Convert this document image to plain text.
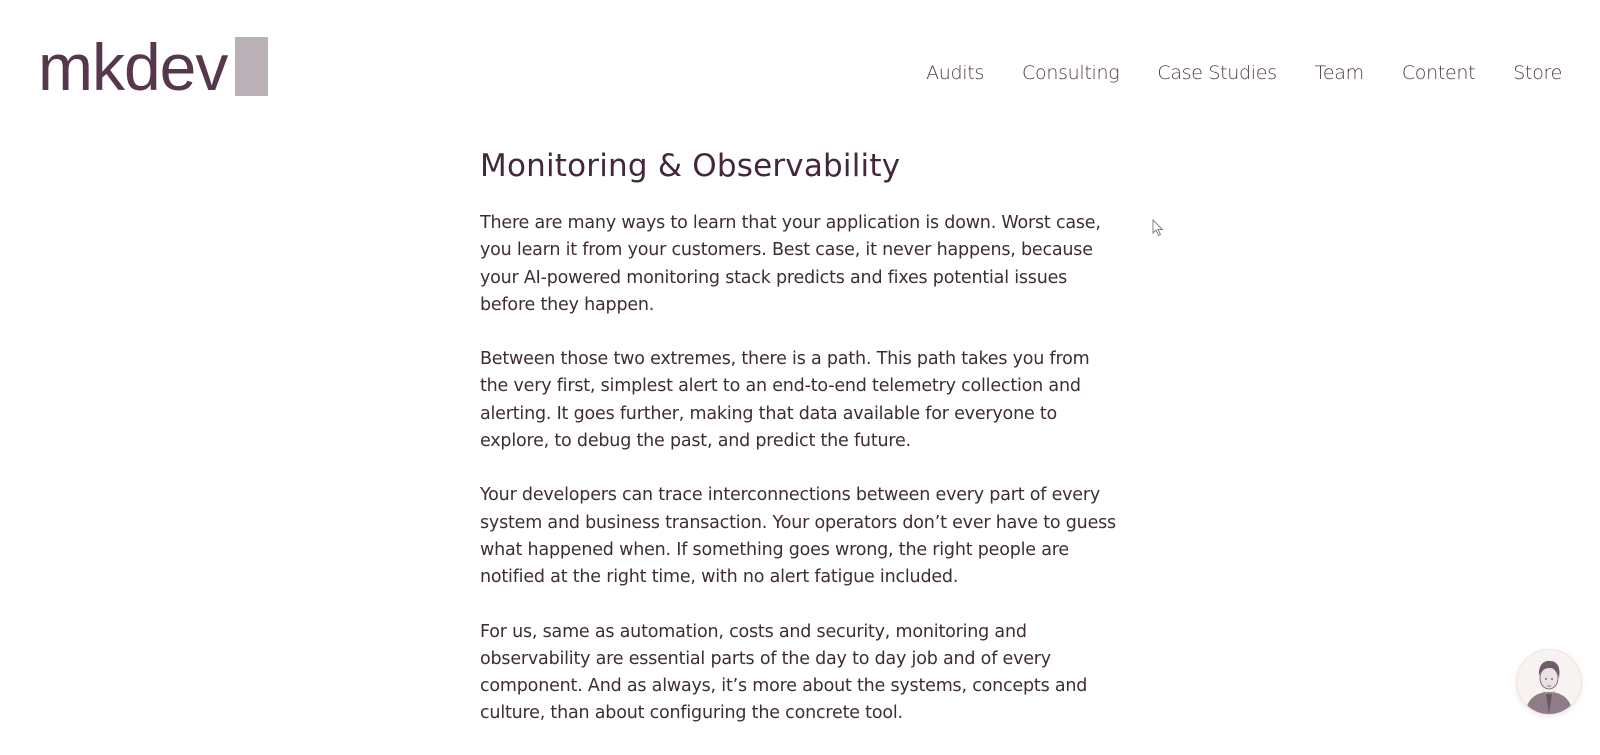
mkdev	Audits Consulting Case Studies Team Content Store
Monitoring & Observability

There are many ways to learn that your application is down. Worst case, you learn it from your customers. Best case, it never happens, because your AI-powered monitoring stack predicts and fixes potential issues before they happen.

Between those two extremes, there is a path. This path takes you from the very first, simplest alert to an end-to-end telemetry collection and alerting. It goes further, making that data available for everyone to explore, to debug the past, and predict the future.

Your developers can trace interconnections between every part of every system and business transaction. Your operators don’t ever have to guess what happened when. If something goes wrong, the right people are notified at the right time, with no alert fatigue included.

For us, same as automation, costs and security, monitoring and observability are essential parts of the day to day job and of every component. And as always, it’s more about the systems, concepts and culture, than about configuring the concrete tool.
